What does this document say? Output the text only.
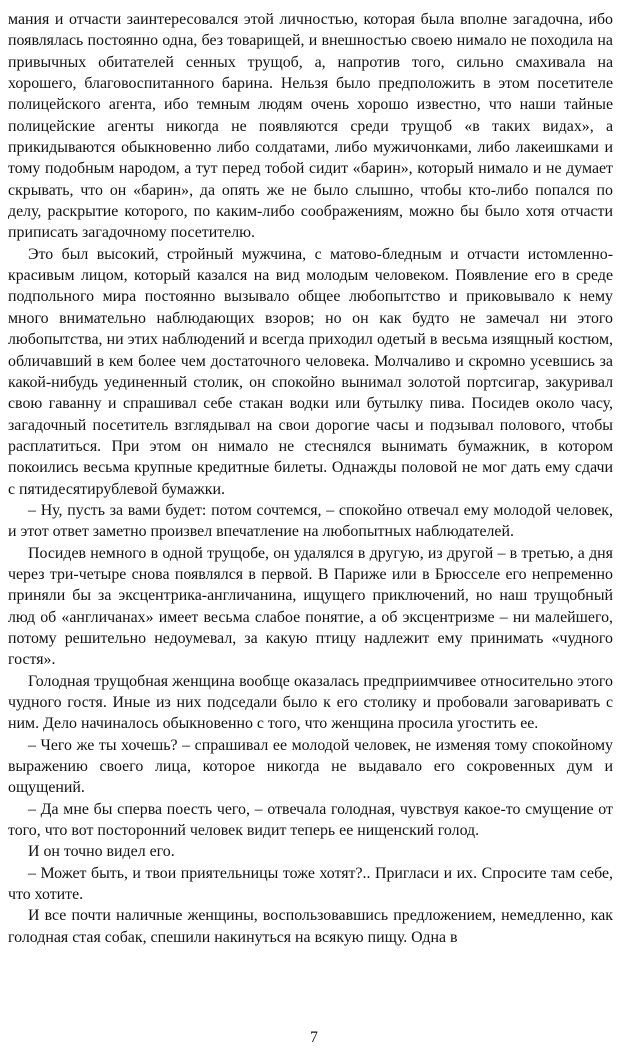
мания и отчасти заинтересовался этой личностью, которая была вполне загадочна, ибо появлялась постоянно одна, без товарищей, и внешностью своею нимало не походила на привычных обитателей сенных трущоб, а, напротив того, сильно смахивала на хорошего, благовоспитанного барина. Нельзя было предположить в этом посетителе полицейского агента, ибо темным людям очень хорошо известно, что наши тайные полицейские агенты никогда не появляются среди трущоб «в таких видах», а прикидываются обыкновенно либо солдатами, либо мужичонками, либо лакеишками и тому подобным народом, а тут перед тобой сидит «барин», который нимало и не думает скрывать, что он «барин», да опять же не было слышно, чтобы кто-либо попался по делу, раскрытие которого, по каким-либо соображениям, можно бы было хотя отчасти приписать загадочному посетителю.

Это был высокий, стройный мужчина, с матово-бледным и отчасти истомленно-красивым лицом, который казался на вид молодым человеком. Появление его в среде подпольного мира постоянно вызывало общее любопытство и приковывало к нему много внимательно наблюдающих взоров; но он как будто не замечал ни этого любопытства, ни этих наблюдений и всегда приходил одетый в весьма изящный костюм, обличавший в кем более чем достаточного человека. Молчаливо и скромно усевшись за какой-нибудь уединенный столик, он спокойно вынимал золотой портсигар, закуривал свою гаванну и спрашивал себе стакан водки или бутылку пива. Посидев около часу, загадочный посетитель взглядывал на свои дорогие часы и подзывал полового, чтобы расплатиться. При этом он нимало не стеснялся вынимать бумажник, в котором покоились весьма крупные кредитные билеты. Однажды половой не мог дать ему сдачи с пятидесятирублевой бумажки.

– Ну, пусть за вами будет: потом сочтемся, – спокойно отвечал ему молодой человек, и этот ответ заметно произвел впечатление на любопытных наблюдателей.

Посидев немного в одной трущобе, он удалялся в другую, из другой – в третью, а дня через три-четыре снова появлялся в первой. В Париже или в Брюсселе его непременно приняли бы за эксцентрика-англичанина, ищущего приключений, но наш трущобный люд об «англичанах» имеет весьма слабое понятие, а об эксцентризме – ни малейшего, потому решительно недоумевал, за какую птицу надлежит ему принимать «чудного гостя».

Голодная трущобная женщина вообще оказалась предприимчивее относительно этого чудного гостя. Иные из них подседали было к его столику и пробовали заговаривать с ним. Дело начиналось обыкновенно с того, что женщина просила угостить ее.

– Чего же ты хочешь? – спрашивал ее молодой человек, не изменяя тому спокойному выражению своего лица, которое никогда не выдавало его сокровенных дум и ощущений.

– Да мне бы сперва поесть чего, – отвечала голодная, чувствуя какое-то смущение от того, что вот посторонний человек видит теперь ее нищенский голод.

И он точно видел его.

– Может быть, и твои приятельницы тоже хотят?.. Пригласи и их. Спросите там себе, что хотите.

И все почти наличные женщины, воспользовавшись предложением, немедленно, как голодная стая собак, спешили накинуться на всякую пищу. Одна в

7
